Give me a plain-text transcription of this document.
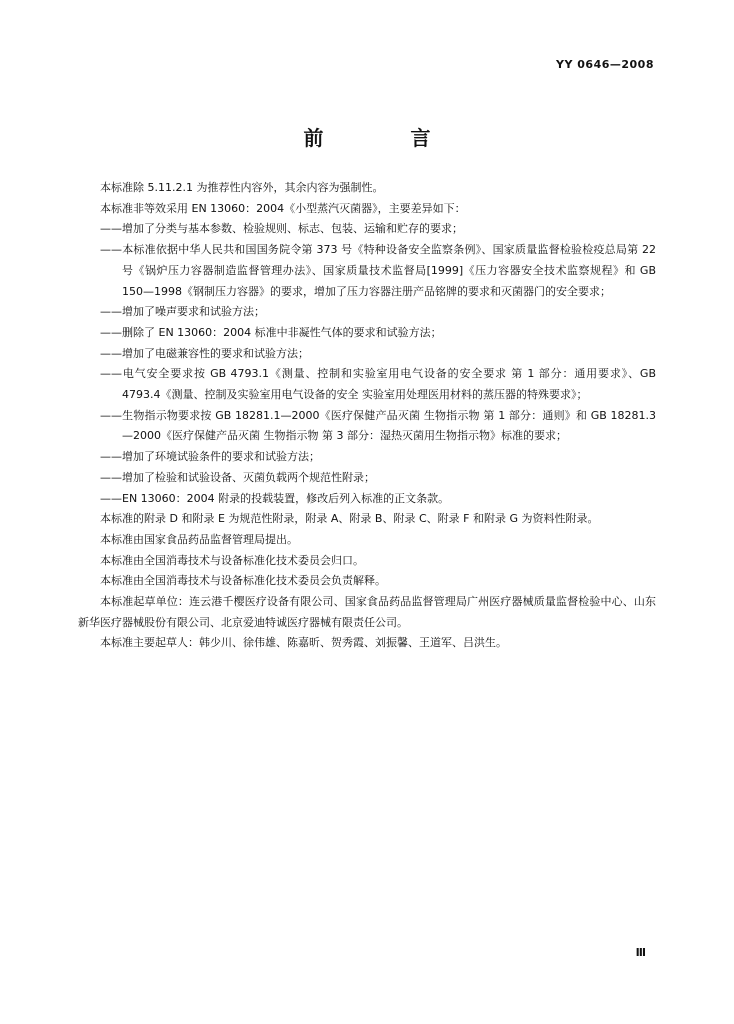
YY 0646—2008
前 言

本标准除 5.11.2.1 为推荐性内容外，其余内容为强制性。

本标准非等效采用 EN 13060：2004《小型蒸汽灭菌器》，主要差异如下：

——增加了分类与基本参数、检验规则、标志、包装、运输和贮存的要求；

——本标准依据中华人民共和国国务院令第 373 号《特种设备安全监察条例》、国家质量监督检验检疫总局第 22 号《锅炉压力容器制造监督管理办法》、国家质量技术监督局[1999]《压力容器安全技术监察规程》和 GB 150—1998《钢制压力容器》的要求，增加了压力容器注册产品铭牌的要求和灭菌器门的安全要求；

——增加了噪声要求和试验方法；

——删除了 EN 13060：2004 标准中非凝性气体的要求和试验方法；

——增加了电磁兼容性的要求和试验方法；

——电气安全要求按 GB 4793.1《测量、控制和实验室用电气设备的安全要求 第 1 部分：通用要求》、GB 4793.4《测量、控制及实验室用电气设备的安全 实验室用处理医用材料的蒸压器的特殊要求》；

——生物指示物要求按 GB 18281.1—2000《医疗保健产品灭菌 生物指示物 第 1 部分：通则》和 GB 18281.3—2000《医疗保健产品灭菌 生物指示物 第 3 部分：湿热灭菌用生物指示物》标准的要求；

——增加了环境试验条件的要求和试验方法；

——增加了检验和试验设备、灭菌负载两个规范性附录；

——EN 13060：2004 附录的投载装置，修改后列入标准的正文条款。

本标准的附录 D 和附录 E 为规范性附录，附录 A、附录 B、附录 C、附录 F 和附录 G 为资料性附录。

本标准由国家食品药品监督管理局提出。

本标准由全国消毒技术与设备标准化技术委员会归口。

本标准由全国消毒技术与设备标准化技术委员会负责解释。

本标准起草单位：连云港千樱医疗设备有限公司、国家食品药品监督管理局广州医疗器械质量监督检验中心、山东新华医疗器械股份有限公司、北京爱迪特诚医疗器械有限责任公司。

本标准主要起草人：韩少川、徐伟雄、陈嘉昕、贺秀霞、刘振馨、王道军、吕洪生。

Ⅲ
